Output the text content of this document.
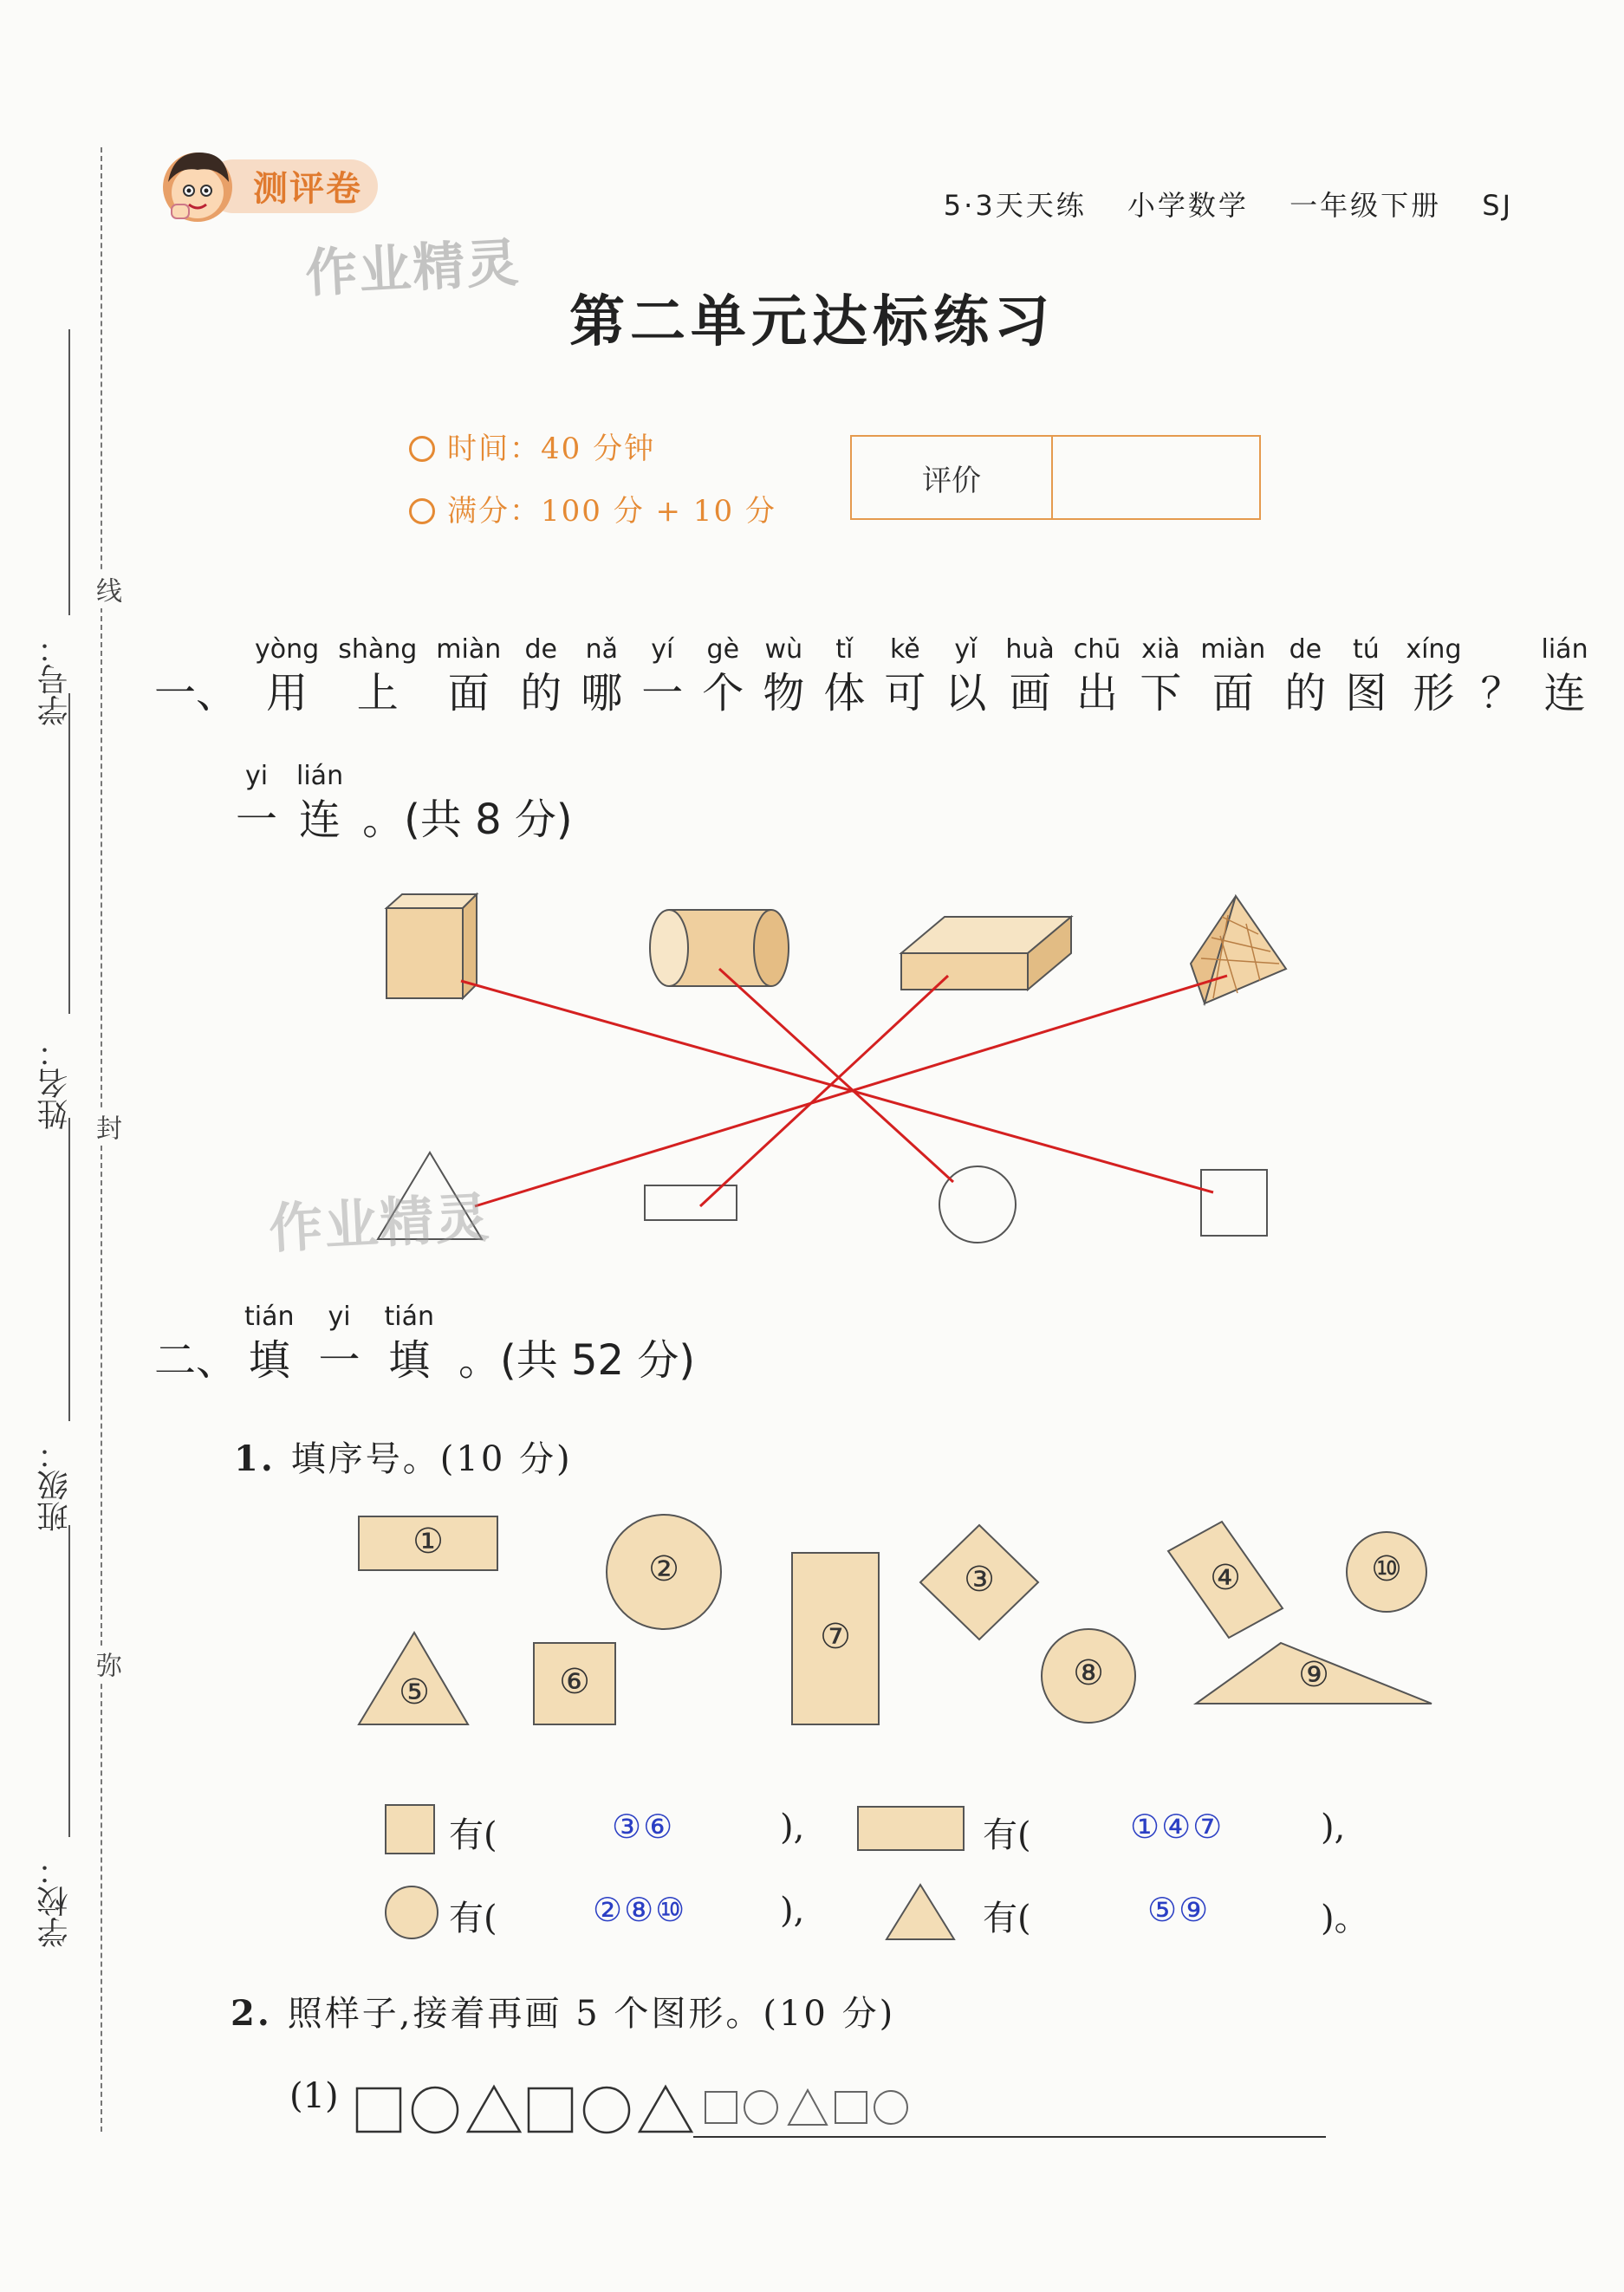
线
封
弥
学号：
姓名：
班级：
学校：
测评卷	5·3天天练 小学数学 一年级下册 SJ
作业精灵
第二单元达标练习
时间：40 分钟
满分：100 分 + 10 分
评价
一、
yòng
用
shàng
上
miàn
面
de
的
nǎ
哪
yí
一
gè
个
wù
物
tǐ
体
kě
可
yǐ
以
huà
画
chū
出
xià
下
miàn
面
de
的
tú
图
xíng
形 ？
lián
连
yi
一
lián
连 。(共 8 分)
作业精灵
二、
tián
填
yi
一
tián
填 。(共 52 分)
1. 填序号。(10 分)
①
②	③	④
⑤	⑥
⑦
⑧	⑨
⑩
有(	③⑥	),	有(	①④⑦	),
有(	②⑧⑩	),	有(	⑤⑨	)。
2. 照样子,接着再画 5 个图形。(10 分)
(1)
